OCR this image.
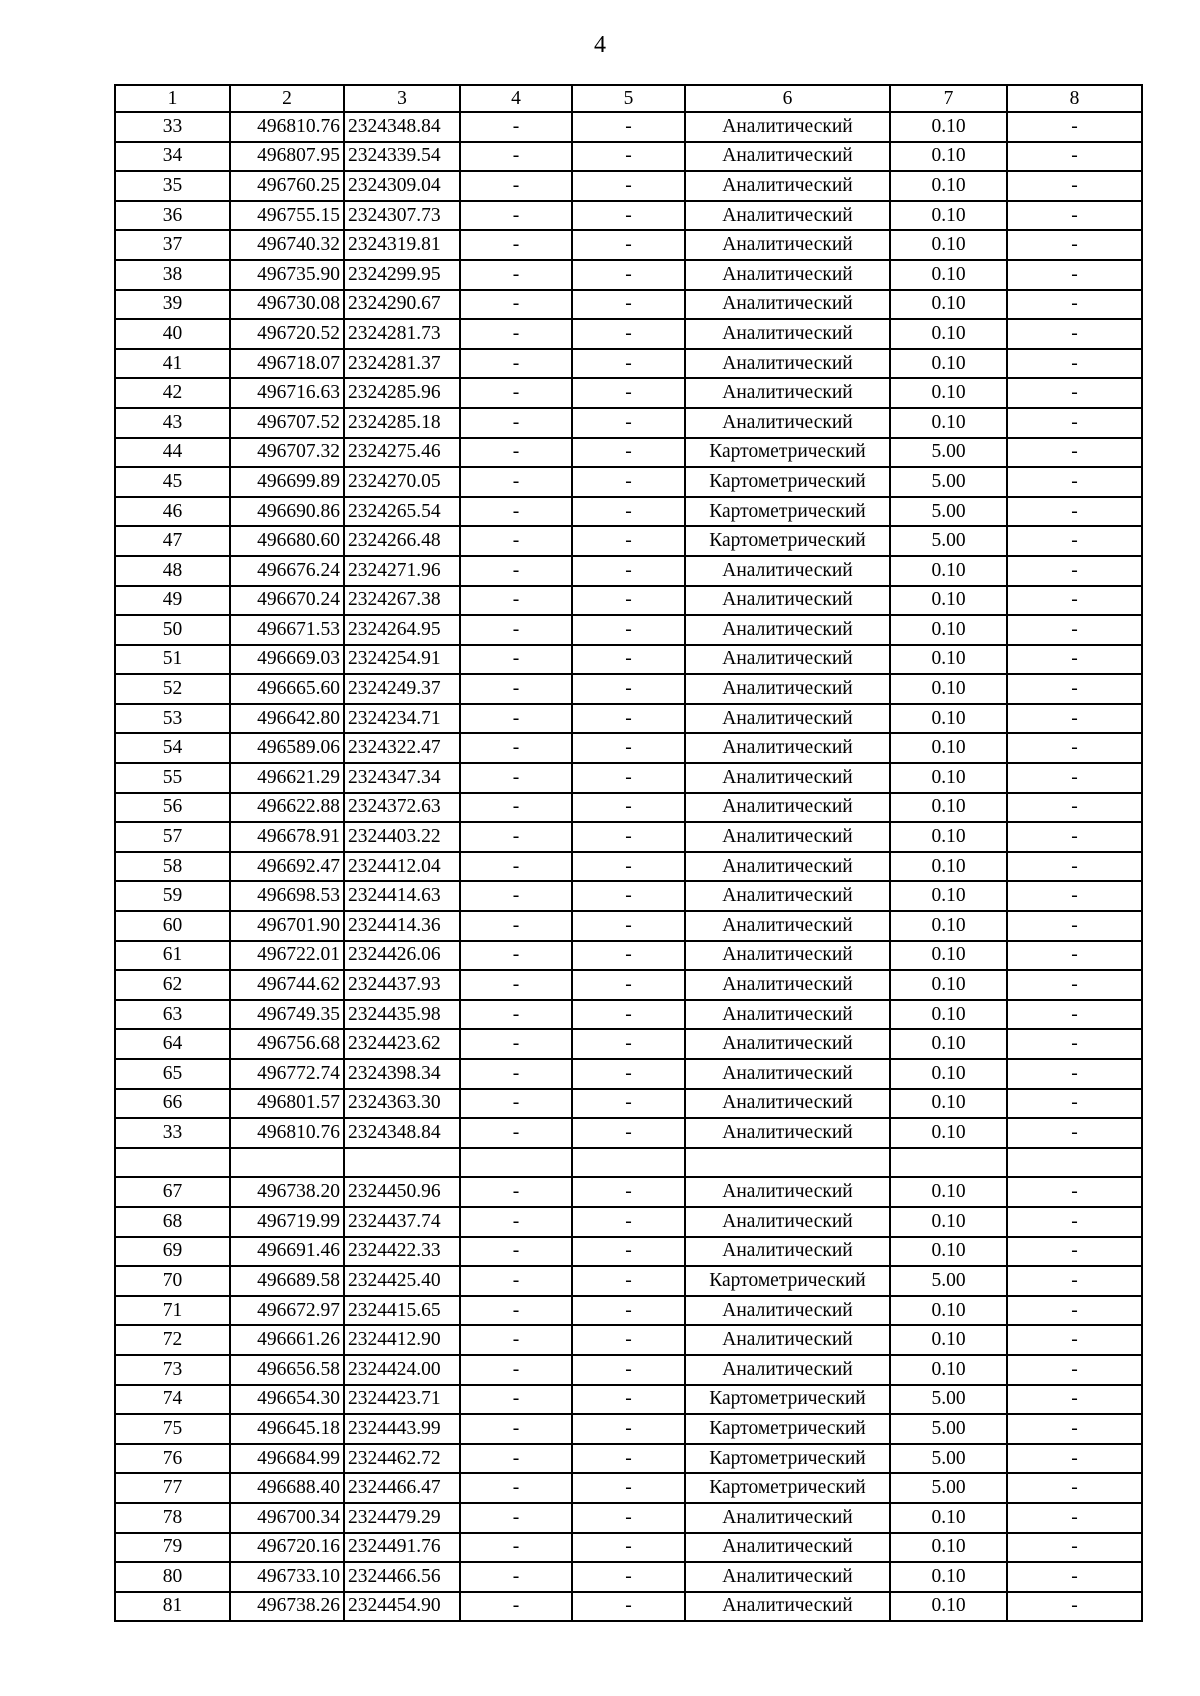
4
1	2	3	4	5	6	7	8
33	496810.76	2324348.84	-	-	Аналитический	0.10	-
34	496807.95	2324339.54	-	-	Аналитический	0.10	-
35	496760.25	2324309.04	-	-	Аналитический	0.10	-
36	496755.15	2324307.73	-	-	Аналитический	0.10	-
37	496740.32	2324319.81	-	-	Аналитический	0.10	-
38	496735.90	2324299.95	-	-	Аналитический	0.10	-
39	496730.08	2324290.67	-	-	Аналитический	0.10	-
40	496720.52	2324281.73	-	-	Аналитический	0.10	-
41	496718.07	2324281.37	-	-	Аналитический	0.10	-
42	496716.63	2324285.96	-	-	Аналитический	0.10	-
43	496707.52	2324285.18	-	-	Аналитический	0.10	-
44	496707.32	2324275.46	-	-	Картометрический	5.00	-
45	496699.89	2324270.05	-	-	Картометрический	5.00	-
46	496690.86	2324265.54	-	-	Картометрический	5.00	-
47	496680.60	2324266.48	-	-	Картометрический	5.00	-
48	496676.24	2324271.96	-	-	Аналитический	0.10	-
49	496670.24	2324267.38	-	-	Аналитический	0.10	-
50	496671.53	2324264.95	-	-	Аналитический	0.10	-
51	496669.03	2324254.91	-	-	Аналитический	0.10	-
52	496665.60	2324249.37	-	-	Аналитический	0.10	-
53	496642.80	2324234.71	-	-	Аналитический	0.10	-
54	496589.06	2324322.47	-	-	Аналитический	0.10	-
55	496621.29	2324347.34	-	-	Аналитический	0.10	-
56	496622.88	2324372.63	-	-	Аналитический	0.10	-
57	496678.91	2324403.22	-	-	Аналитический	0.10	-
58	496692.47	2324412.04	-	-	Аналитический	0.10	-
59	496698.53	2324414.63	-	-	Аналитический	0.10	-
60	496701.90	2324414.36	-	-	Аналитический	0.10	-
61	496722.01	2324426.06	-	-	Аналитический	0.10	-
62	496744.62	2324437.93	-	-	Аналитический	0.10	-
63	496749.35	2324435.98	-	-	Аналитический	0.10	-
64	496756.68	2324423.62	-	-	Аналитический	0.10	-
65	496772.74	2324398.34	-	-	Аналитический	0.10	-
66	496801.57	2324363.30	-	-	Аналитический	0.10	-
33	496810.76	2324348.84	-	-	Аналитический	0.10	-

67	496738.20	2324450.96	-	-	Аналитический	0.10	-
68	496719.99	2324437.74	-	-	Аналитический	0.10	-
69	496691.46	2324422.33	-	-	Аналитический	0.10	-
70	496689.58	2324425.40	-	-	Картометрический	5.00	-
71	496672.97	2324415.65	-	-	Аналитический	0.10	-
72	496661.26	2324412.90	-	-	Аналитический	0.10	-
73	496656.58	2324424.00	-	-	Аналитический	0.10	-
74	496654.30	2324423.71	-	-	Картометрический	5.00	-
75	496645.18	2324443.99	-	-	Картометрический	5.00	-
76	496684.99	2324462.72	-	-	Картометрический	5.00	-
77	496688.40	2324466.47	-	-	Картометрический	5.00	-
78	496700.34	2324479.29	-	-	Аналитический	0.10	-
79	496720.16	2324491.76	-	-	Аналитический	0.10	-
80	496733.10	2324466.56	-	-	Аналитический	0.10	-
81	496738.26	2324454.90	-	-	Аналитический	0.10	-
